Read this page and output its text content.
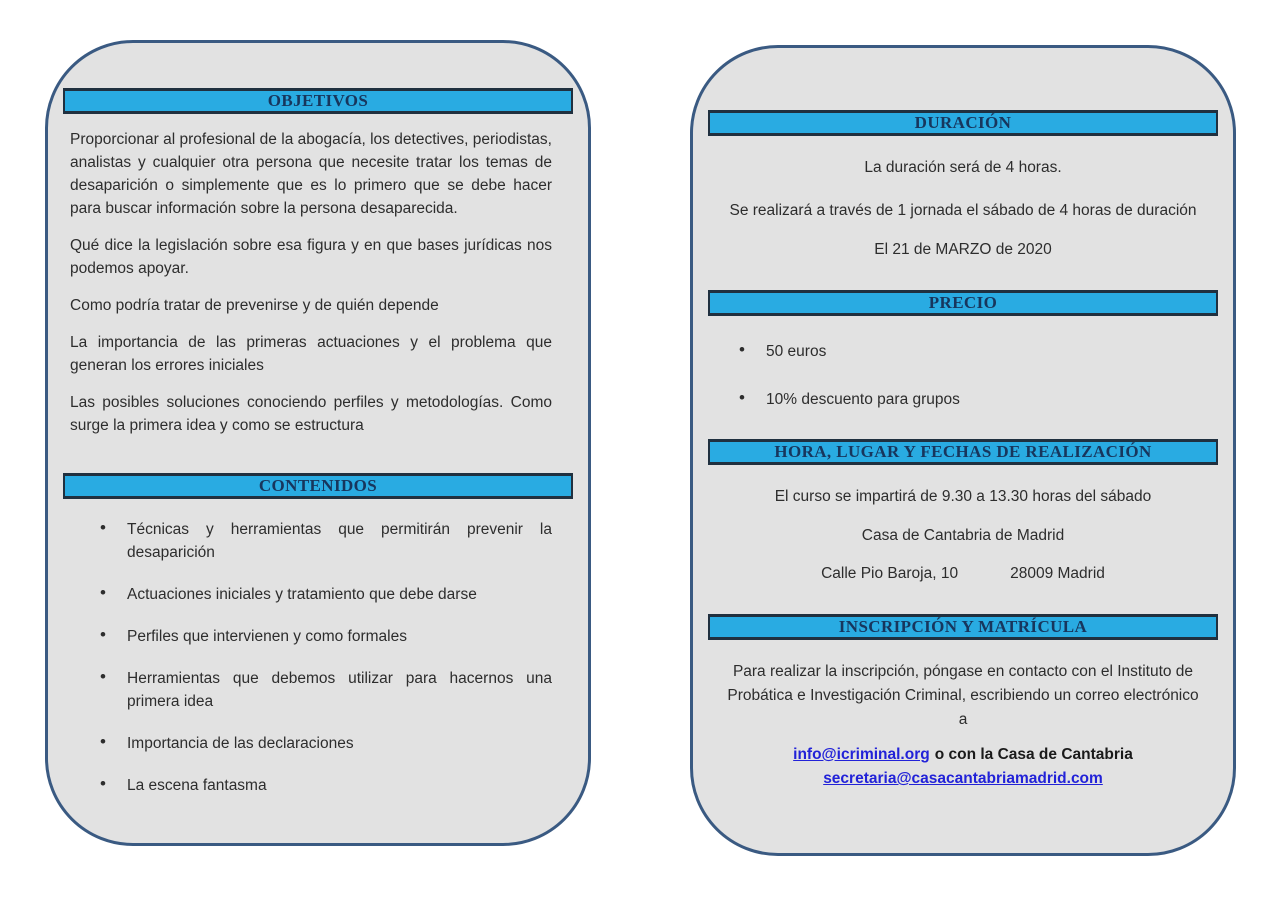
OBJETIVOS
Proporcionar al profesional de la abogacía, los detectives, periodistas, analistas y cualquier otra persona que necesite tratar los temas de desaparición o simplemente que es lo primero que se debe hacer para buscar información sobre la persona desaparecida.
Qué dice la legislación sobre esa figura y en que bases jurídicas nos podemos apoyar.
Como podría tratar de prevenirse y de quién depende
La importancia de las primeras actuaciones y el problema que generan los errores iniciales
Las posibles soluciones conociendo perfiles y metodologías. Como surge la primera idea y como se estructura
CONTENIDOS
• Técnicas y herramientas que permitirán prevenir la desaparición
• Actuaciones iniciales y tratamiento que debe darse
• Perfiles que intervienen y como formales
• Herramientas que debemos utilizar para hacernos una primera idea
• Importancia de las declaraciones
• La escena fantasma
DURACIÓN
La duración será de 4 horas.
Se realizará a través de 1 jornada el sábado de 4 horas de duración
El 21 de MARZO de 2020
PRECIO
• 50 euros
• 10% descuento para grupos
HORA, LUGAR Y FECHAS DE REALIZACIÓN
El curso se impartirá de 9.30 a 13.30 horas del sábado
Casa de Cantabria de Madrid
Calle Pio Baroja, 10	28009 Madrid
INSCRIPCIÓN Y MATRÍCULA
Para realizar la inscripción, póngase en contacto con el Instituto de Probática e Investigación Criminal, escribiendo un correo electrónico a
info@icriminal.org o con la Casa de Cantabria
secretaria@casacantabriamadrid.com
